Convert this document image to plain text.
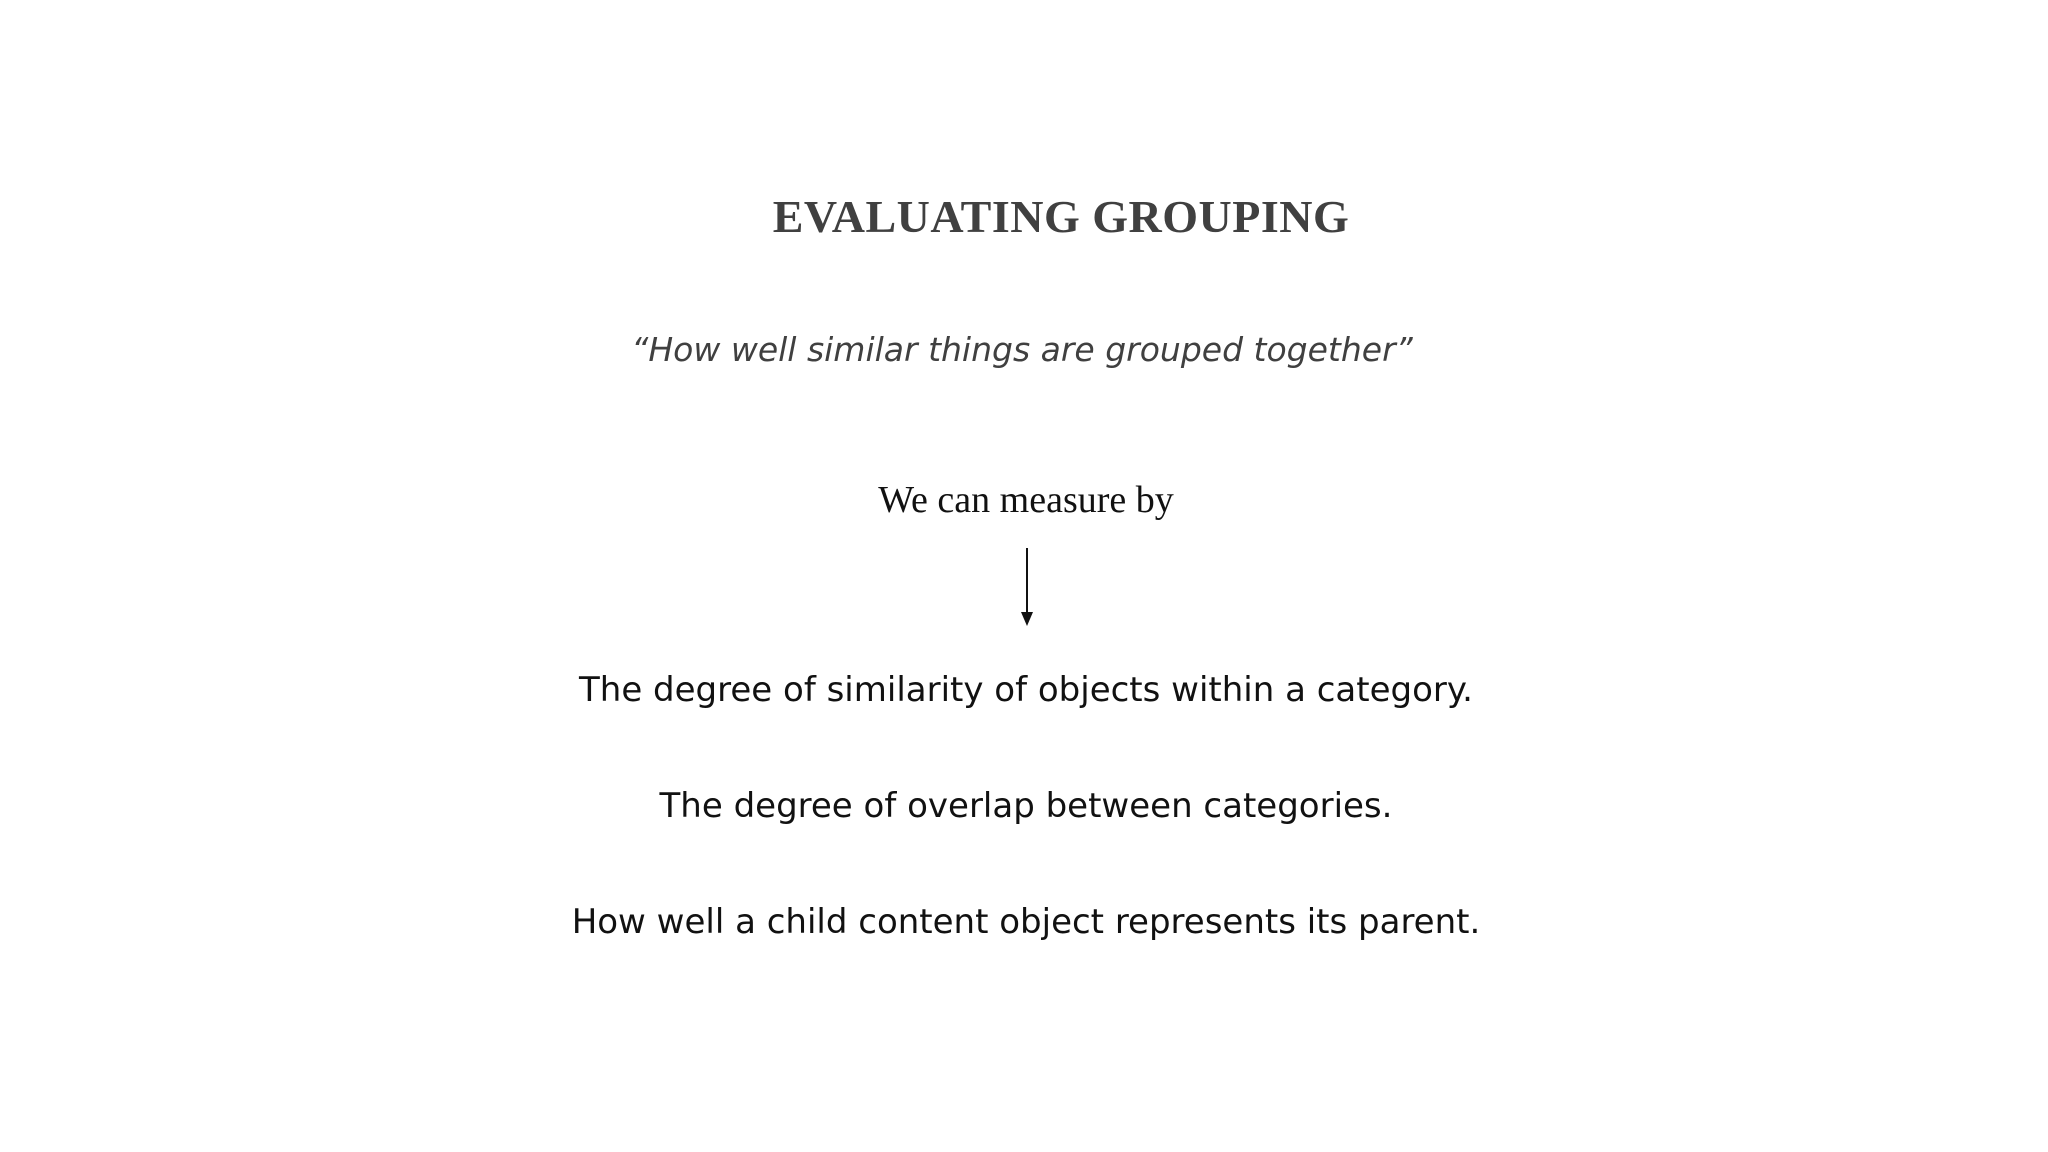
EVALUATING GROUPING
“How well similar things are grouped together”
We can measure by
The degree of similarity of objects within a category.
The degree of overlap between categories.
How well a child content object represents its parent.
